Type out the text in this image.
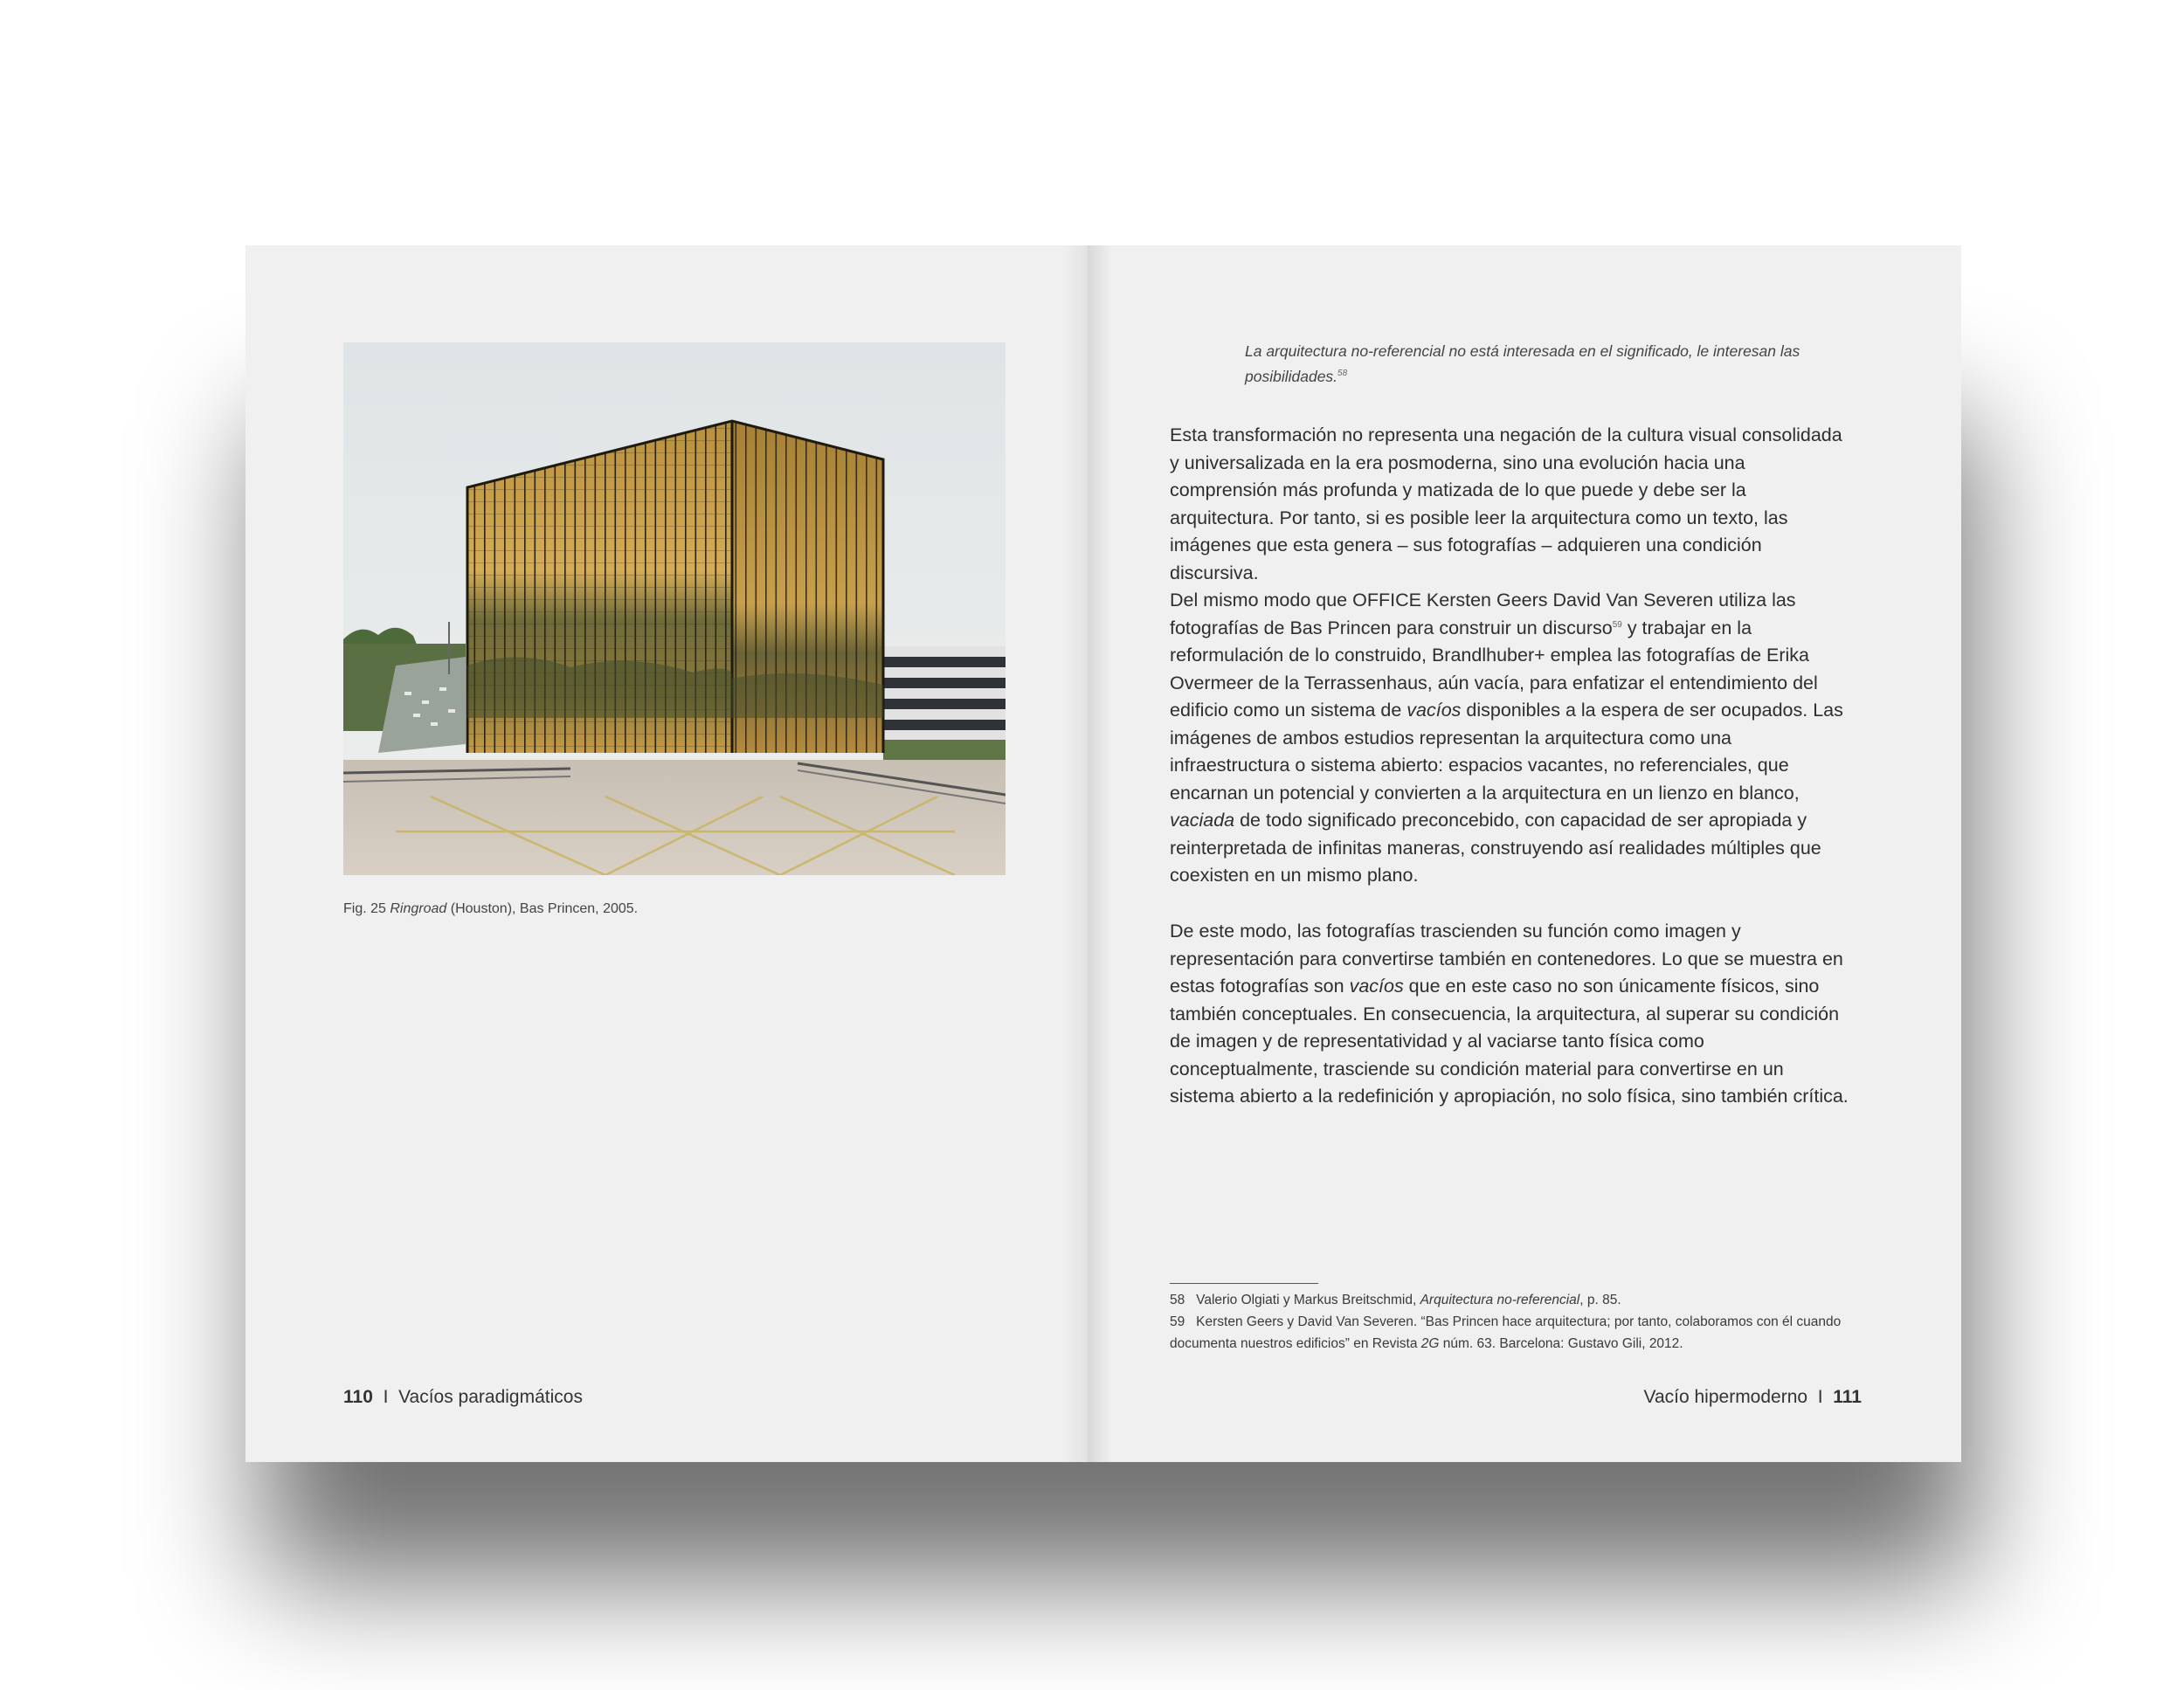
Fig. 25 Ringroad (Houston), Bas Princen, 2005.
110 I Vacíos paradigmáticos
La arquitectura no-referencial no está interesada en el significado, le interesan las posibilidades.$^{58}$

Esta transformación no representa una negación de la cultura visual consolidada y universalizada en la era posmoderna, sino una evolución hacia una comprensión más profunda y matizada de lo que puede y debe ser la arquitectura. Por tanto, si es posible leer la arquitectura como un texto, las imágenes que esta genera – sus fotografías – adquieren una condición discursiva.

Del mismo modo que OFFICE Kersten Geers David Van Severen utiliza las fotografías de Bas Princen para construir un discurso$^{59}$ y trabajar en la reformulación de lo construido, Brandlhuber+ emplea las fotografías de Erika Overmeer de la Terrassenhaus, aún vacía, para enfatizar el entendimiento del edificio como un sistema de vacíos disponibles a la espera de ser ocupados. Las imágenes de ambos estudios representan la arquitectura como una infraestructura o sistema abierto: espacios vacantes, no referenciales, que encarnan un potencial y convierten a la arquitectura en un lienzo en blanco, vaciada de todo significado preconcebido, con capacidad de ser apropiada y reinterpretada de infinitas maneras, construyendo así realidades múltiples que coexisten en un mismo plano.

De este modo, las fotografías trascienden su función como imagen y representación para convertirse también en contenedores. Lo que se muestra en estas fotografías son vacíos que en este caso no son únicamente físicos, sino también conceptuales. En consecuencia, la arquitectura, al superar su condición de imagen y de representatividad y al vaciarse tanto física como conceptualmente, trasciende su condición material para convertirse en un sistema abierto a la redefinición y apropiación, no solo física, sino también crítica.

58 Valerio Olgiati y Markus Breitschmid, Arquitectura no-referencial, p. 85.

59 Kersten Geers y David Van Severen. “Bas Princen hace arquitectura; por tanto, colaboramos con él cuando documenta nuestros edificios” en Revista 2G núm. 63. Barcelona: Gustavo Gili, 2012.

Vacío hipermoderno I 111
